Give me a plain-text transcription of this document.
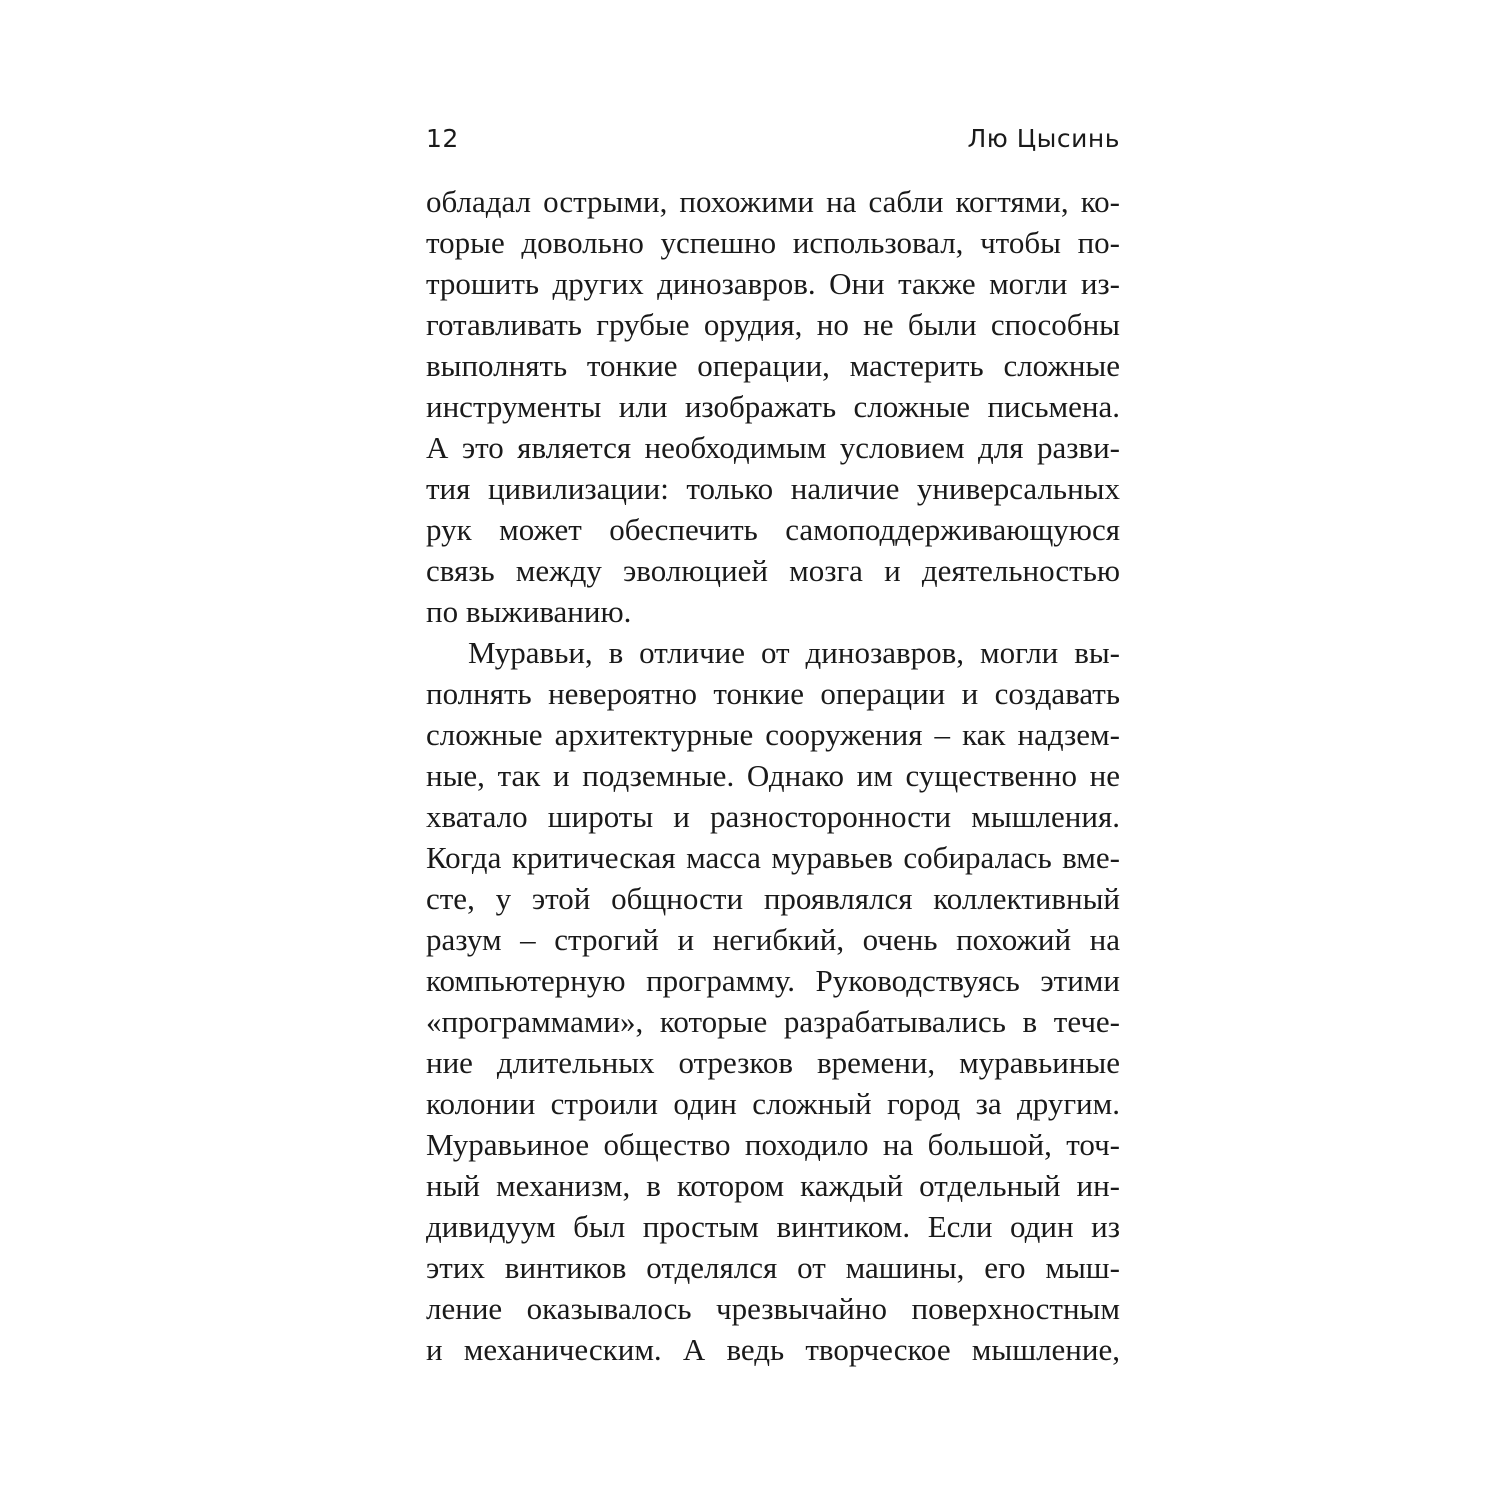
12	Лю Цысинь
обладал острыми, похожими на сабли когтями, ко-
торые довольно успешно использовал, чтобы по-
трошить других динозавров. Они также могли из-
готавливать грубые орудия, но не были способны
выполнять тонкие операции, мастерить сложные
инструменты или изображать сложные письмена.
А это является необходимым условием для разви-
тия цивилизации: только наличие универсальных
рук может обеспечить самоподдерживающуюся
связь между эволюцией мозга и деятельностью
по выживанию.
Муравьи, в отличие от динозавров, могли вы-
полнять невероятно тонкие операции и создавать
сложные архитектурные сооружения – как надзем-
ные, так и подземные. Однако им существенно не
хватало широты и разносторонности мышления.
Когда критическая масса муравьев собиралась вме-
сте, у этой общности проявлялся коллективный
разум – строгий и негибкий, очень похожий на
компьютерную программу. Руководствуясь этими
«программами», которые разрабатывались в тече-
ние длительных отрезков времени, муравьиные
колонии строили один сложный город за другим.
Муравьиное общество походило на большой, точ-
ный механизм, в котором каждый отдельный ин-
дивидуум был простым винтиком. Если один из
этих винтиков отделялся от машины, его мыш-
ление оказывалось чрезвычайно поверхностным
и механическим. А ведь творческое мышление,
